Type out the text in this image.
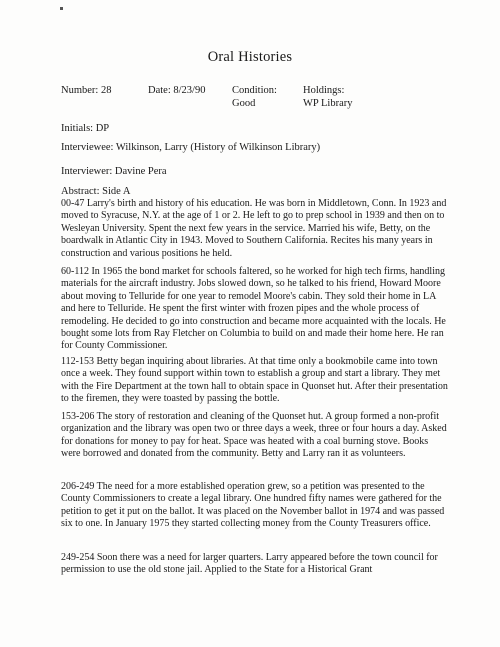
Oral Histories
Number: 28	Date: 8/23/90	Condition:
Good
Holdings:
WP Library
Initials: DP
Interviewee: Wilkinson, Larry (History of Wilkinson Library)
Interviewer: Davine Pera
Abstract: Side A

00-47 Larry's birth and history of his education. He was born in Middletown, Conn. In 1923 and moved to Syracuse, N.Y. at the age of 1 or 2. He left to go to prep school in 1939 and then on to Wesleyan University. Spent the next few years in the service. Married his wife, Betty, on the boardwalk in Atlantic City in 1943. Moved to Southern California. Recites his many years in construction and various positions he held.

60-112 In 1965 the bond market for schools faltered, so he worked for high tech firms, handling materials for the aircraft industry. Jobs slowed down, so he talked to his friend, Howard Moore about moving to Telluride for one year to remodel Moore's cabin. They sold their home in LA and here to Telluride. He spent the first winter with frozen pipes and the whole process of remodeling. He decided to go into construction and became more acquainted with the locals. He bought some lots from Ray Fletcher on Columbia to build on and made their home here. He ran for County Commissioner.

112-153 Betty began inquiring about libraries. At that time only a bookmobile came into town once a week. They found support within town to establish a group and start a library. They met with the Fire Department at the town hall to obtain space in Quonset hut. After their presentation to the firemen, they were toasted by passing the bottle.

153-206 The story of restoration and cleaning of the Quonset hut. A group formed a non-profit organization and the library was open two or three days a week, three or four hours a day. Asked for donations for money to pay for heat. Space was heated with a coal burning stove. Books were borrowed and donated from the community. Betty and Larry ran it as volunteers.

206-249 The need for a more established operation grew, so a petition was presented to the County Commissioners to create a legal library. One hundred fifty names were gathered for the petition to get it put on the ballot. It was placed on the November ballot in 1974 and was passed six to one. In January 1975 they started collecting money from the County Treasurers office.

249-254 Soon there was a need for larger quarters. Larry appeared before the town council for permission to use the old stone jail. Applied to the State for a Historical Grant
